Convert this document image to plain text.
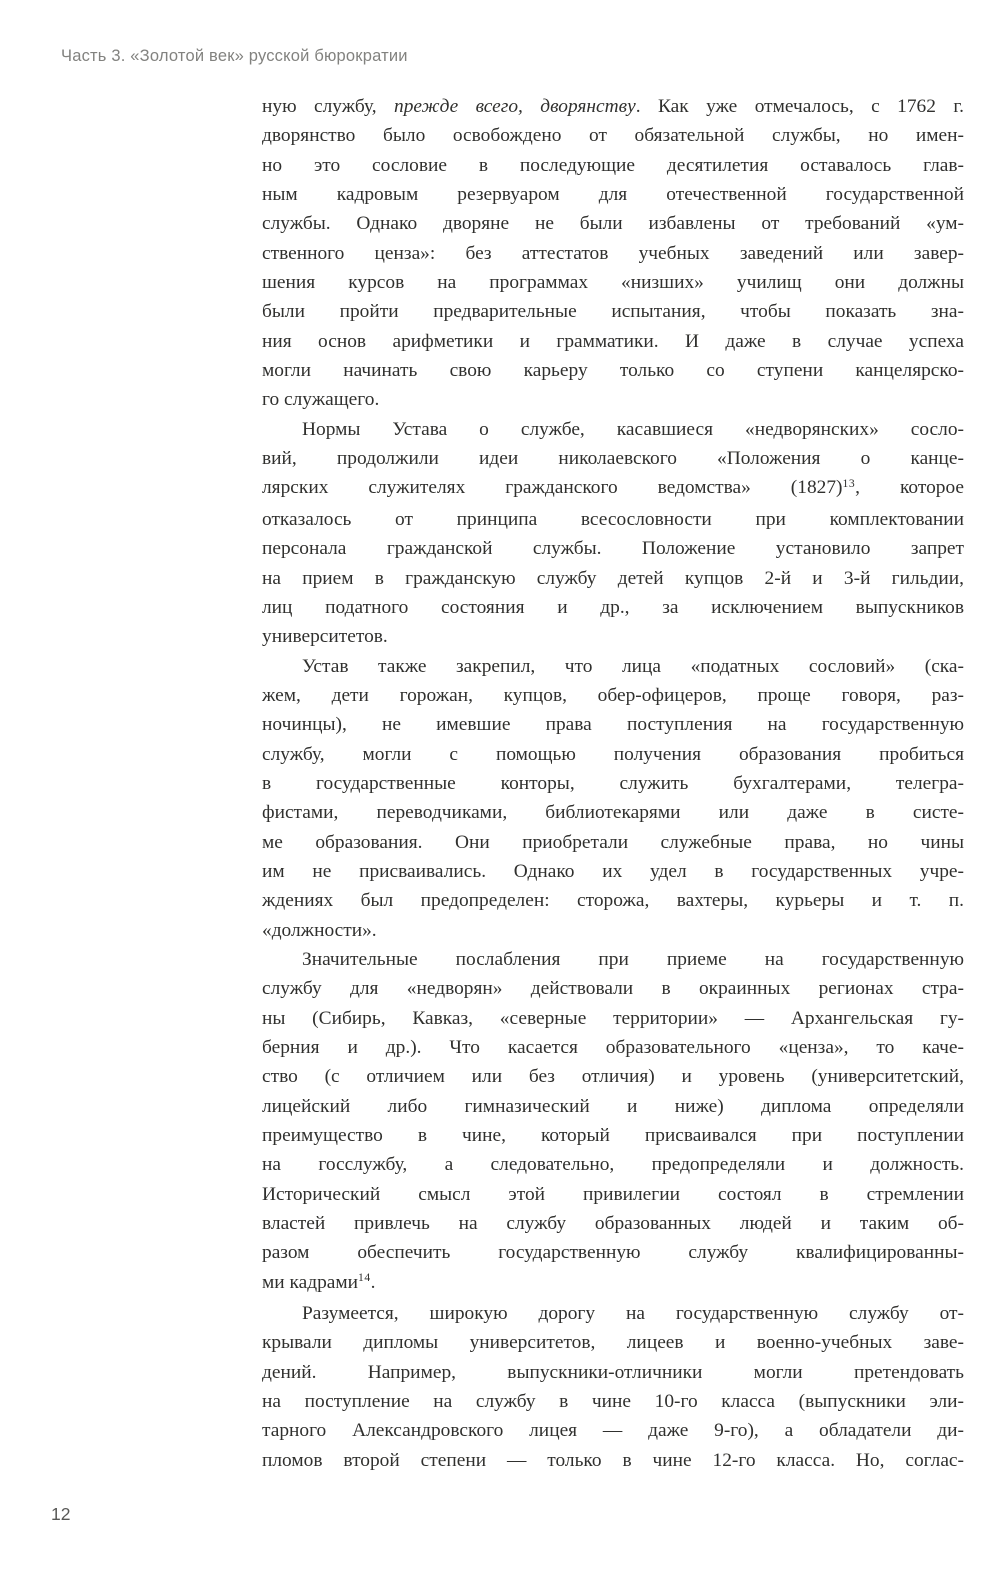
Часть 3. «Золотой век» русской бюрократии
ную службу, прежде всего, дворянству. Как уже отмечалось, с 1762 г.
дворянство было освобождено от обязательной службы, но имен-
но это сословие в последующие десятилетия оставалось глав-
ным кадровым резервуаром для отечественной государственной
службы. Однако дворяне не были избавлены от требований «ум-
ственного ценза»: без аттестатов учебных заведений или завер-
шения курсов на программах «низших» училищ они должны
были пройти предварительные испытания, чтобы показать зна-
ния основ арифметики и грамматики. И даже в случае успеха
могли начинать свою карьеру только со ступени канцелярско-
го служащего.
Нормы Устава о службе, касавшиеся «недворянских» сосло-
вий, продолжили идеи николаевского «Положения о канце-
лярских служителях гражданского ведомства» $(1827)^{13}$, которое
отказалось от принципа всесословности при комплектовании
персонала гражданской службы. Положение установило запрет
на прием в гражданскую службу детей купцов 2-й и 3-й гильдии,
лиц податного состояния и др., за исключением выпускников
университетов.
Устав также закрепил, что лица «податных сословий» (ска-
жем, дети горожан, купцов, обер-офицеров, проще говоря, раз-
ночинцы), не имевшие права поступления на государственную
службу, могли с помощью получения образования пробиться
в государственные конторы, служить бухгалтерами, телегра-
фистами, переводчиками, библиотекарями или даже в систе-
ме образования. Они приобретали служебные права, но чины
им не присваивались. Однако их удел в государственных учре-
ждениях был предопределен: сторожа, вахтеры, курьеры и т. п.
«должности».
Значительные послабления при приеме на государственную
службу для «недворян» действовали в окраинных регионах стра-
ны (Сибирь, Кавказ, «северные территории» — Архангельская гу-
берния и др.). Что касается образовательного «ценза», то каче-
ство (с отличием или без отличия) и уровень (университетский,
лицейский либо гимназический и ниже) диплома определяли
преимущество в чине, который присваивался при поступлении
на госслужбу, а следовательно, предопределяли и должность.
Исторический смысл этой привилегии состоял в стремлении
властей привлечь на службу образованных людей и таким об-
разом обеспечить государственную службу квалифицированны-
ми кадрами$^{14}$.
Разумеется, широкую дорогу на государственную службу от-
крывали дипломы университетов, лицеев и военно-учебных заве-
дений. Например, выпускники-отличники могли претендовать
на поступление на службу в чине 10-го класса (выпускники эли-
тарного Александровского лицея — даже 9-го), а обладатели ди-
пломов второй степени — только в чине 12-го класса. Но, соглас-
12
